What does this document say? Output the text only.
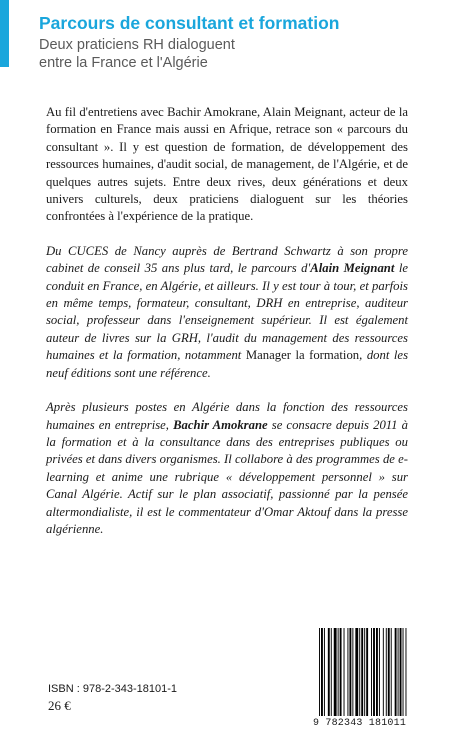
Parcours de consultant et formation
Deux praticiens RH dialoguent
entre la France et l'Algérie

Au fil d'entretiens avec Bachir Amokrane, Alain Meignant, acteur de la formation en France mais aussi en Afrique, retrace son « parcours du consultant ». Il y est question de formation, de développement des ressources humaines, d'audit social, de management, de l'Algérie, et de quelques autres sujets. Entre deux rives, deux générations et deux univers culturels, deux praticiens dialoguent sur les théories confrontées à l'expérience de la pratique.

Du CUCES de Nancy auprès de Bertrand Schwartz à son propre cabinet de conseil 35 ans plus tard, le parcours d'Alain Meignant le conduit en France, en Algérie, et ailleurs. Il y est tour à tour, et parfois en même temps, formateur, consultant, DRH en entreprise, auditeur social, professeur dans l'enseignement supérieur. Il est également auteur de livres sur la GRH, l'audit du management des ressources humaines et la formation, notamment Manager la formation, dont les neuf éditions sont une référence.

Après plusieurs postes en Algérie dans la fonction des ressources humaines en entreprise, Bachir Amokrane se consacre depuis 2011 à la formation et à la consultance dans des entreprises publiques ou privées et dans divers organismes. Il collabore à des programmes de e-learning et anime une rubrique « développement personnel » sur Canal Algérie. Actif sur le plan associatif, passionné par la pensée altermondialiste, il est le commentateur d'Omar Aktouf dans la presse algérienne.

ISBN : 978-2-343-18101-1
26 €
9 782343 181011
